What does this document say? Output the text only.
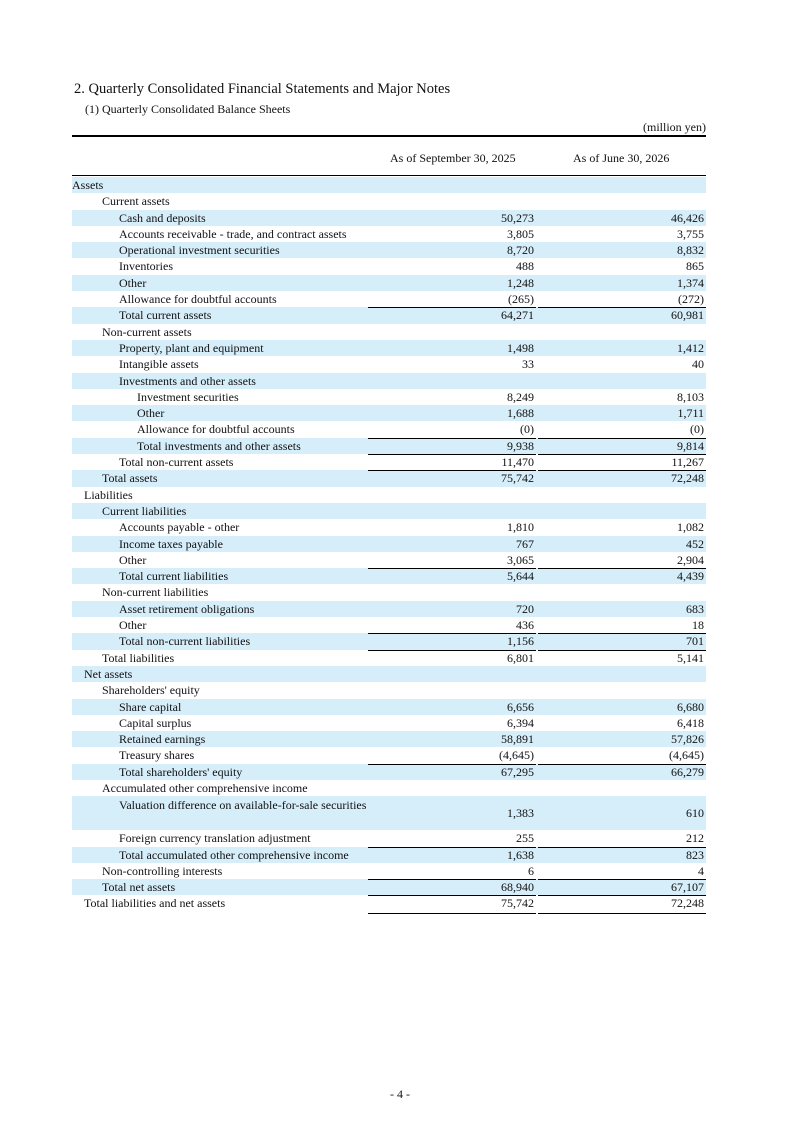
2. Quarterly Consolidated Financial Statements and Major Notes
(1) Quarterly Consolidated Balance Sheets
(million yen)
As of September 30, 2025	As of June 30, 2026
Assets
Current assets
Cash and deposits	50,273	46,426
Accounts receivable - trade, and contract assets	3,805	3,755
Operational investment securities	8,720	8,832
Inventories	488	865
Other	1,248	1,374
Allowance for doubtful accounts	(265)	(272)
Total current assets	64,271	60,981
Non-current assets
Property, plant and equipment	1,498	1,412
Intangible assets	33	40
Investments and other assets
Investment securities	8,249	8,103
Other	1,688	1,711
Allowance for doubtful accounts	(0)	(0)
Total investments and other assets	9,938	9,814
Total non-current assets	11,470	11,267
Total assets	75,742	72,248
Liabilities
Current liabilities
Accounts payable - other	1,810	1,082
Income taxes payable	767	452
Other	3,065	2,904
Total current liabilities	5,644	4,439
Non-current liabilities
Asset retirement obligations	720	683
Other	436	18
Total non-current liabilities	1,156	701
Total liabilities	6,801	5,141
Net assets
Shareholders' equity
Share capital	6,656	6,680
Capital surplus	6,394	6,418
Retained earnings	58,891	57,826
Treasury shares	(4,645)	(4,645)
Total shareholders' equity	67,295	66,279
Accumulated other comprehensive income
Valuation difference on available-for-sale securities
1,383	610
Foreign currency translation adjustment	255	212
Total accumulated other comprehensive income	1,638	823
Non-controlling interests	6	4
Total net assets	68,940	67,107
Total liabilities and net assets	75,742	72,248
- 4 -
